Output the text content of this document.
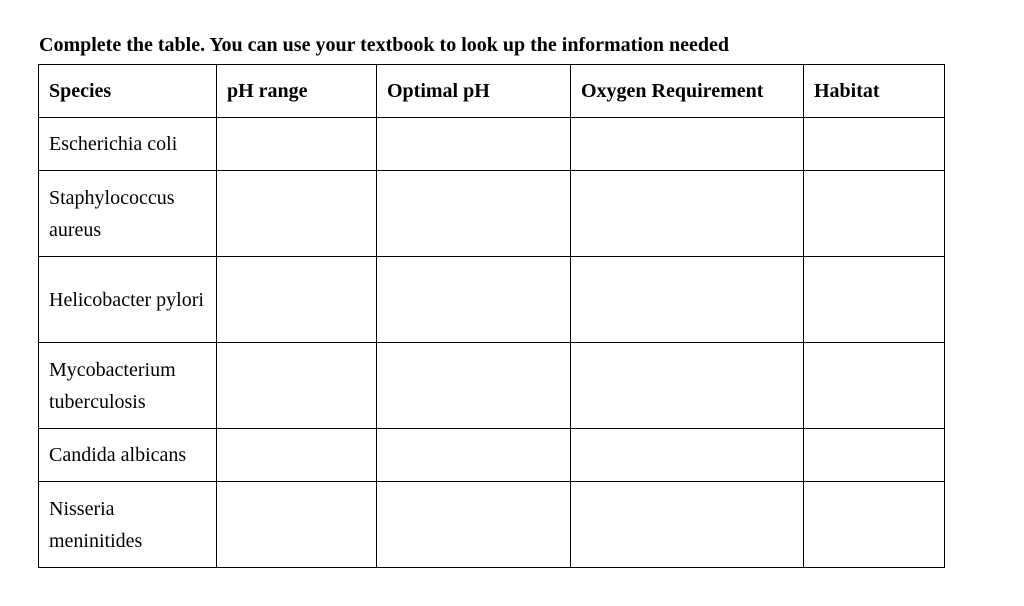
Complete the table. You can use your textbook to look up the information needed
Species	pH range	Optimal pH	Oxygen Requirement	Habitat

Escherichia coli				

Staphylococcus aureus				

Helicobacter pylori				

Mycobacterium tuberculosis				

Candida albicans				

Nisseria meninitides				
